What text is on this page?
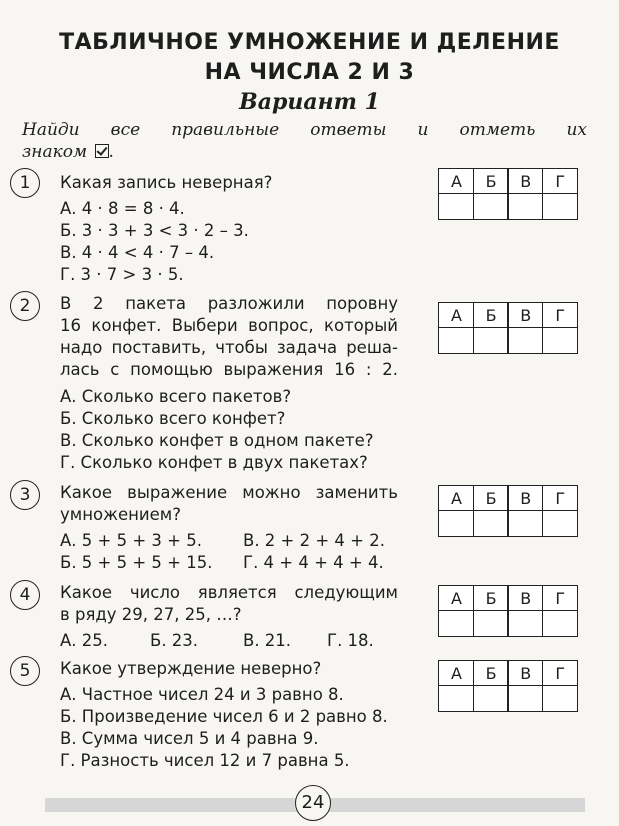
ТАБЛИЧНОЕ УМНОЖЕНИЕ И ДЕЛЕНИЕ
НА ЧИСЛА 2 И 3
Вариант 1
Найди все правильные ответы и отметь их
знаком .
1	Какая запись неверная?
А. 4 · 8 = 8 · 4.
Б. 3 · 3 + 3 < 3 · 2 – 3.
В. 4 · 4 < 4 · 7 – 4.
Г. 3 · 7 > 3 · 5.
А	Б	В	Г
2	В 2 пакета разложили поровну
16 конфет. Выбери вопрос, который
надо поставить, чтобы задача реша-
лась с помощью выражения 16 : 2.
А. Сколько всего пакетов?
Б. Сколько всего конфет?
В. Сколько конфет в одном пакете?
Г. Сколько конфет в двух пакетах?
А	Б	В	Г
3	Какое выражение можно заменить
умножением?
А. 5 + 5 + 3 + 5. В. 2 + 2 + 4 + 2.
Б. 5 + 5 + 5 + 15. Г. 4 + 4 + 4 + 4.
А	Б	В	Г
4	Какое число является следующим
в ряду 29, 27, 25, …?
А. 25.	Б. 23.	В. 21. Г. 18.
А	Б	В	Г
5	Какое утверждение неверно?
А. Частное чисел 24 и 3 равно 8.
Б. Произведение чисел 6 и 2 равно 8.
В. Сумма чисел 5 и 4 равна 9.
Г. Разность чисел 12 и 7 равна 5.
А	Б	В	Г
24
